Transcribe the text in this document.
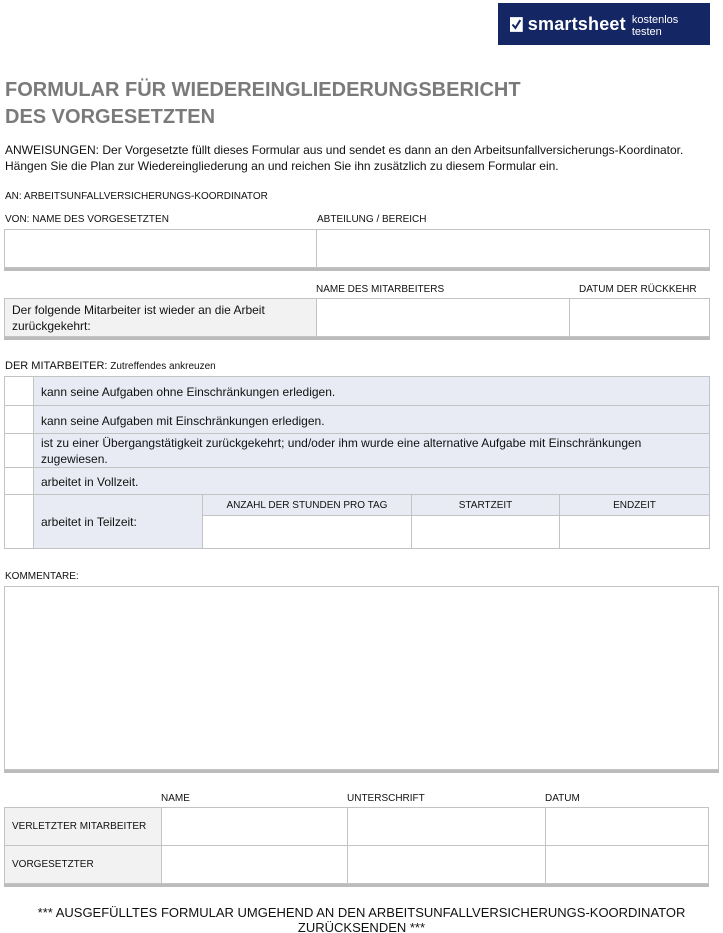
smartsheet kostenlos testen
FORMULAR FÜR WIEDEREINGLIEDERUNGSBERICHT
DES VORGESETZTEN
ANWEISUNGEN: Der Vorgesetzte füllt dieses Formular aus und sendet es dann an den Arbeitsunfallversicherungs-Koordinator. Hängen Sie die Plan zur Wiedereingliederung an und reichen Sie ihn zusätzlich zu diesem Formular ein.
AN: ARBEITSUNFALLVERSICHERUNGS-KOORDINATOR
VON: NAME DES VORGESETZTEN	ABTEILUNG / BEREICH
NAME DES MITARBEITERS	DATUM DER RÜCKKEHR
Der folgende Mitarbeiter ist wieder an die Arbeit zurückgekehrt:
DER MITARBEITER: Zutreffendes ankreuzen
kann seine Aufgaben ohne Einschränkungen erledigen.
kann seine Aufgaben mit Einschränkungen erledigen.
ist zu einer Übergangstätigkeit zurückgekehrt; und/oder ihm wurde eine alternative Aufgabe mit Einschränkungen zugewiesen.
arbeitet in Vollzeit.
arbeitet in Teilzeit:
ANZAHL DER STUNDEN PRO TAG	STARTZEIT	ENDZEIT
KOMMENTARE:
NAME	UNTERSCHRIFT	DATUM
VERLETZTER MITARBEITER
VORGESETZTER
*** AUSGEFÜLLTES FORMULAR UMGEHEND AN DEN ARBEITSUNFALLVERSICHERUNGS-KOORDINATOR ZURÜCKSENDEN ***
